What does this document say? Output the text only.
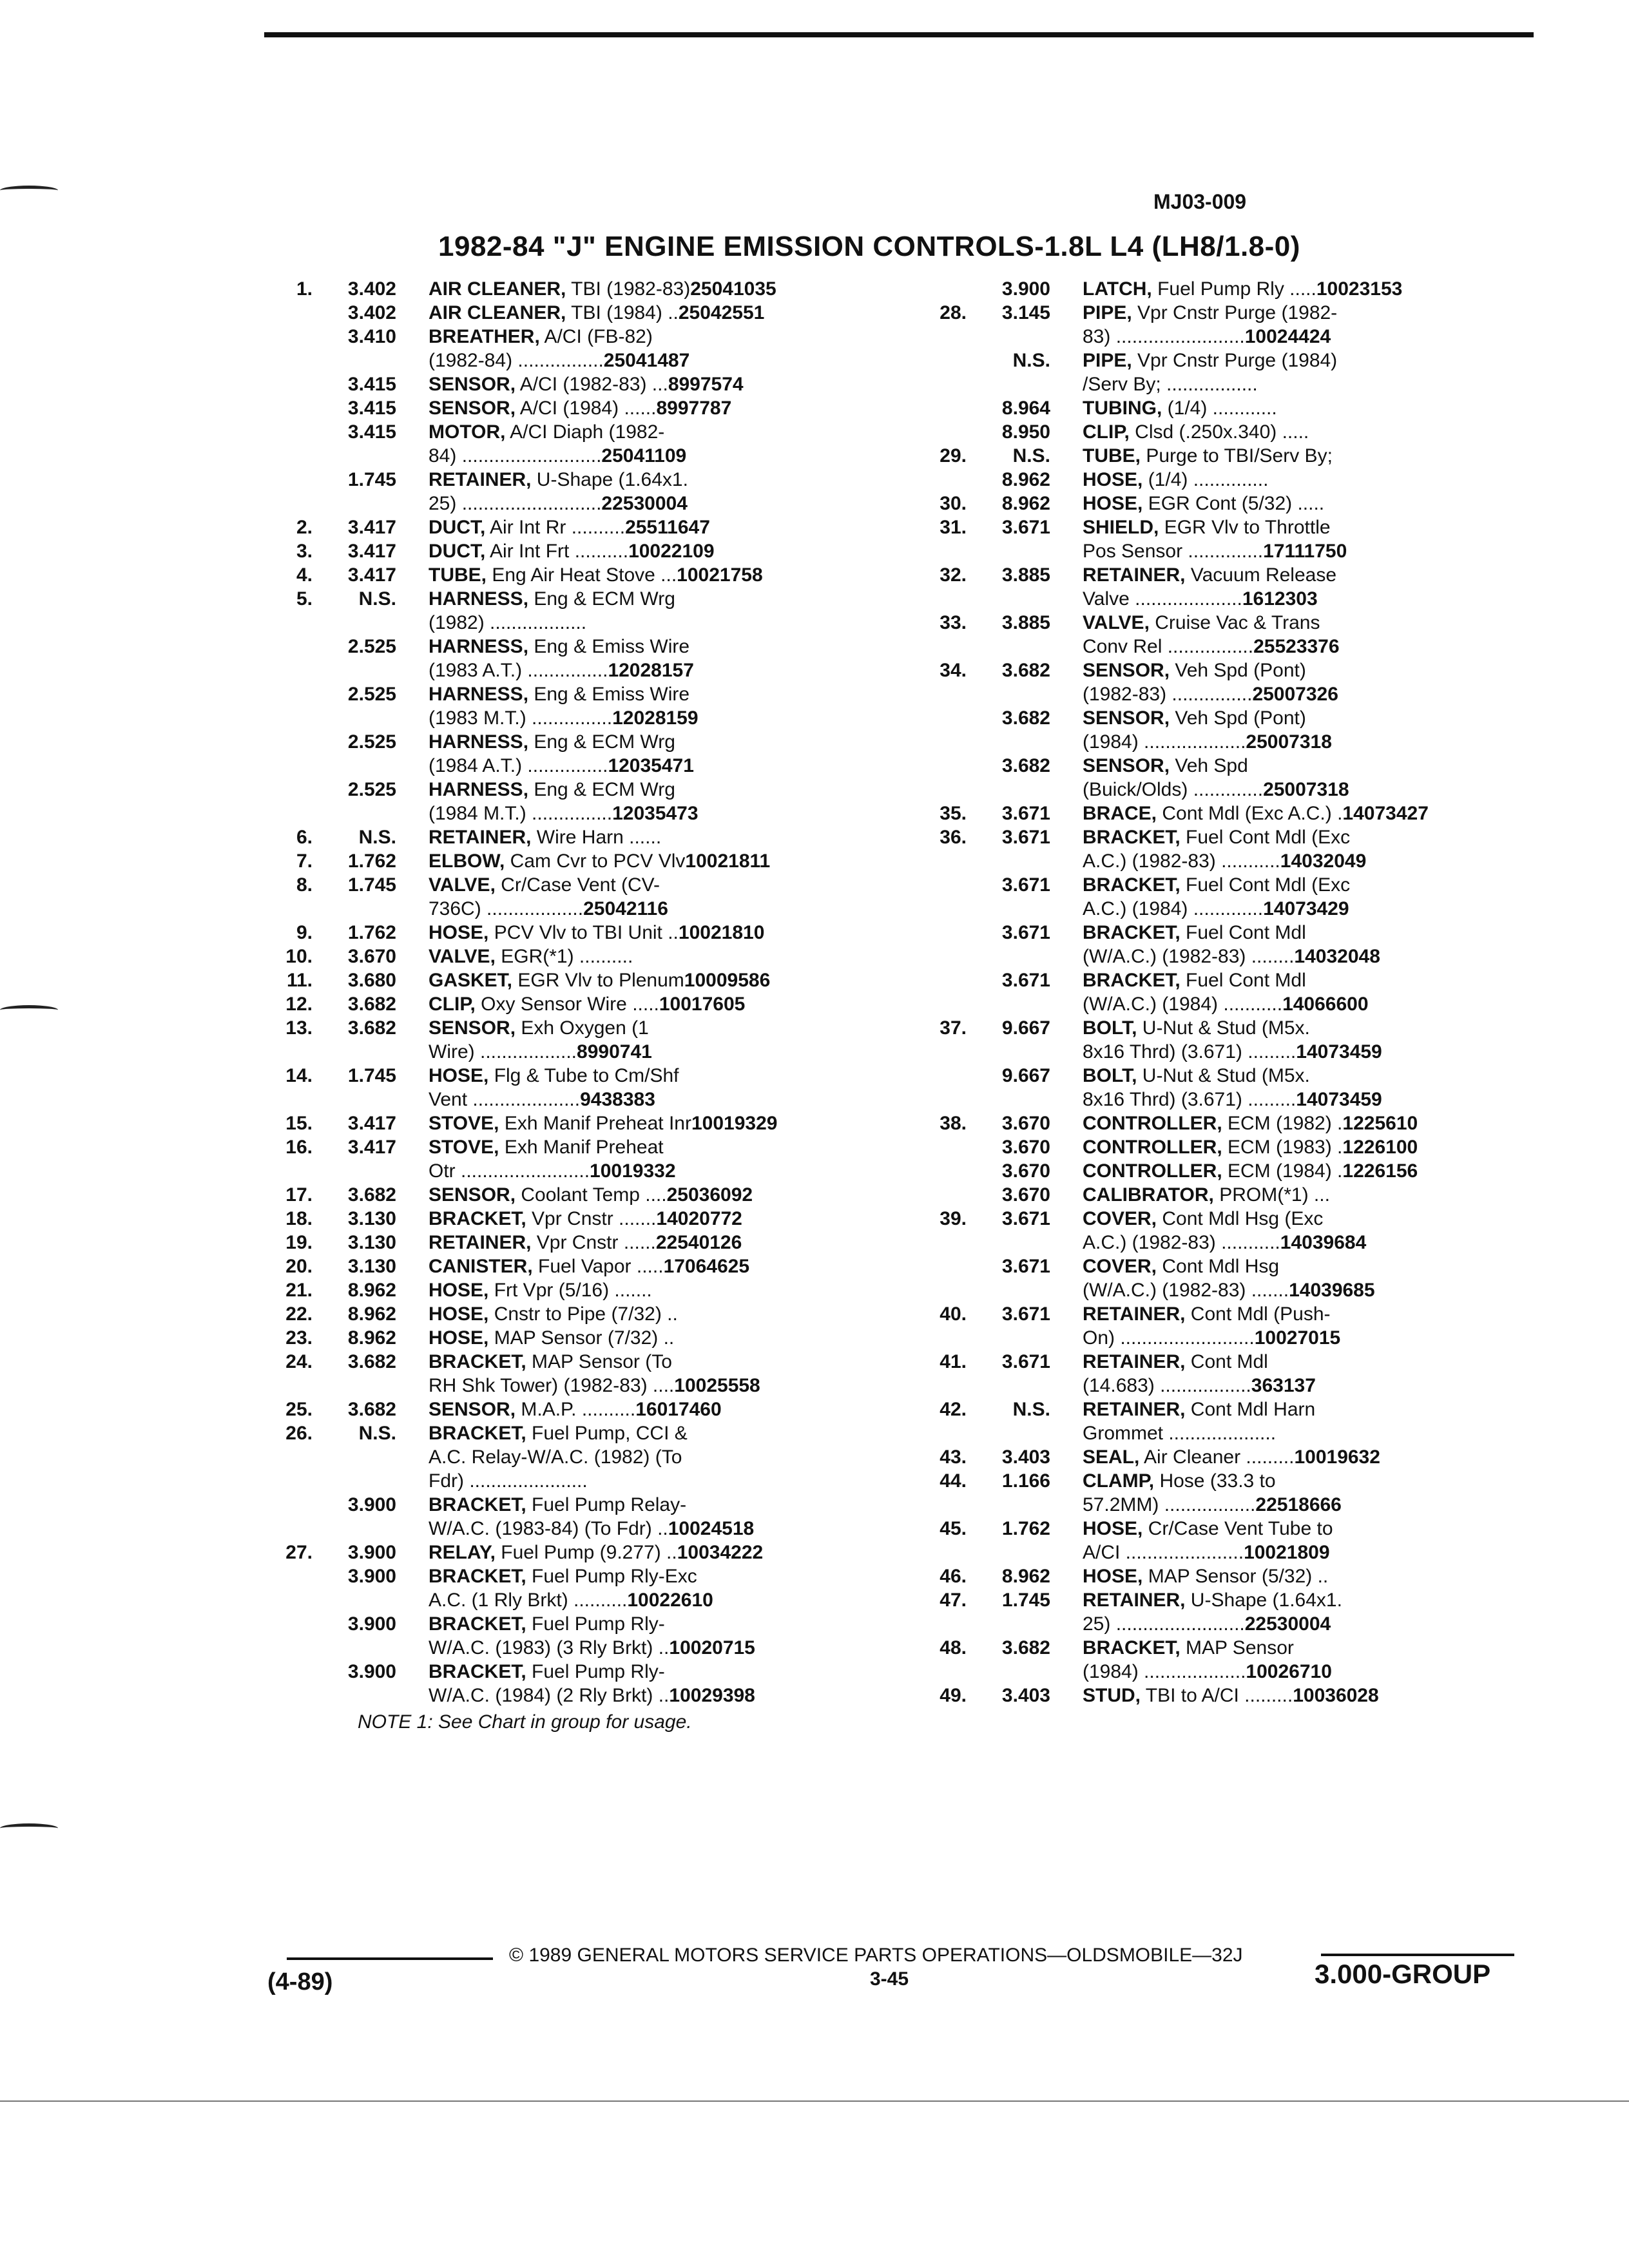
MJ03-009
1982-84 "J" ENGINE EMISSION CONTROLS-1.8L L4 (LH8/1.8-0)
1.	3.402 AIR CLEANER, TBI (1982-83)25041035
3.402 AIR CLEANER, TBI (1984) ..25042551
3.410 BREATHER, A/CI (FB-82)
(1982-84) ................25041487
3.415 SENSOR, A/CI (1982-83) ...8997574
3.415 SENSOR, A/CI (1984) ......8997787
3.415 MOTOR, A/CI Diaph (1982-
84) ..........................25041109
1.745 RETAINER, U-Shape (1.64x1.
25) ..........................22530004
2.	3.417 DUCT, Air Int Rr ..........25511647
3.	3.417 DUCT, Air Int Frt ..........10022109
4.	3.417 TUBE, Eng Air Heat Stove ...10021758
5.	N.S. HARNESS, Eng & ECM Wrg
(1982) ..................
2.525 HARNESS, Eng & Emiss Wire
(1983 A.T.) ...............12028157
2.525 HARNESS, Eng & Emiss Wire
(1983 M.T.) ...............12028159
2.525 HARNESS, Eng & ECM Wrg
(1984 A.T.) ...............12035471
2.525 HARNESS, Eng & ECM Wrg
(1984 M.T.) ...............12035473
6.	N.S. RETAINER, Wire Harn ......
7.	1.762 ELBOW, Cam Cvr to PCV Vlv10021811
8.	1.745 VALVE, Cr/Case Vent (CV-
736C) ..................25042116
9.	1.762 HOSE, PCV Vlv to TBI Unit ..10021810
10.	3.670 VALVE, EGR(*1) ..........
11.	3.680 GASKET, EGR Vlv to Plenum10009586
12.	3.682 CLIP, Oxy Sensor Wire .....10017605
13.	3.682 SENSOR, Exh Oxygen (1
Wire) ..................8990741
14.	1.745 HOSE, Flg & Tube to Cm/Shf
Vent ....................9438383
15.	3.417 STOVE, Exh Manif Preheat Inr10019329
16.	3.417 STOVE, Exh Manif Preheat
Otr ........................10019332
17.	3.682 SENSOR, Coolant Temp ....25036092
18.	3.130 BRACKET, Vpr Cnstr .......14020772
19.	3.130 RETAINER, Vpr Cnstr ......22540126
20.	3.130 CANISTER, Fuel Vapor .....17064625
21.	8.962 HOSE, Frt Vpr (5/16) .......
22.	8.962 HOSE, Cnstr to Pipe (7/32) ..
23.	8.962 HOSE, MAP Sensor (7/32) ..
24.	3.682 BRACKET, MAP Sensor (To
RH Shk Tower) (1982-83) ....10025558
25.	3.682 SENSOR, M.A.P. ..........16017460
26.	N.S. BRACKET, Fuel Pump, CCI &
A.C. Relay-W/A.C. (1982) (To
Fdr) ......................
3.900 BRACKET, Fuel Pump Relay-
W/A.C. (1983-84) (To Fdr) ..10024518
27.	3.900 RELAY, Fuel Pump (9.277) ..10034222
3.900 BRACKET, Fuel Pump Rly-Exc
A.C. (1 Rly Brkt) ..........10022610
3.900 BRACKET, Fuel Pump Rly-
W/A.C. (1983) (3 Rly Brkt) ..10020715
3.900 BRACKET, Fuel Pump Rly-
W/A.C. (1984) (2 Rly Brkt) ..10029398
NOTE 1: See Chart in group for usage.
3.900 LATCH, Fuel Pump Rly .....10023153
28.	3.145 PIPE, Vpr Cnstr Purge (1982-
83) ........................10024424
N.S. PIPE, Vpr Cnstr Purge (1984)
/Serv By; .................
8.964 TUBING, (1/4) ............
8.950 CLIP, Clsd (.250x.340) .....
29.	N.S. TUBE, Purge to TBI/Serv By;
8.962 HOSE, (1/4) ..............
30.	8.962 HOSE, EGR Cont (5/32) .....
31.	3.671 SHIELD, EGR Vlv to Throttle
Pos Sensor ..............17111750
32.	3.885 RETAINER, Vacuum Release
Valve ....................1612303
33.	3.885 VALVE, Cruise Vac & Trans
Conv Rel ................25523376
34.	3.682 SENSOR, Veh Spd (Pont)
(1982-83) ...............25007326
3.682 SENSOR, Veh Spd (Pont)
(1984) ...................25007318
3.682 SENSOR, Veh Spd
(Buick/Olds) .............25007318
35.	3.671 BRACE, Cont Mdl (Exc A.C.) .14073427
36.	3.671 BRACKET, Fuel Cont Mdl (Exc
A.C.) (1982-83) ...........14032049
3.671 BRACKET, Fuel Cont Mdl (Exc
A.C.) (1984) .............14073429
3.671 BRACKET, Fuel Cont Mdl
(W/A.C.) (1982-83) ........14032048
3.671 BRACKET, Fuel Cont Mdl
(W/A.C.) (1984) ...........14066600
37.	9.667 BOLT, U-Nut & Stud (M5x.
8x16 Thrd) (3.671) .........14073459
9.667 BOLT, U-Nut & Stud (M5x.
8x16 Thrd) (3.671) .........14073459
38.	3.670 CONTROLLER, ECM (1982) .1225610
3.670 CONTROLLER, ECM (1983) .1226100
3.670 CONTROLLER, ECM (1984) .1226156
3.670 CALIBRATOR, PROM(*1) ...
39.	3.671 COVER, Cont Mdl Hsg (Exc
A.C.) (1982-83) ...........14039684
3.671 COVER, Cont Mdl Hsg
(W/A.C.) (1982-83) .......14039685
40.	3.671 RETAINER, Cont Mdl (Push-
On) .........................10027015
41.	3.671 RETAINER, Cont Mdl
(14.683) .................363137
42.	N.S. RETAINER, Cont Mdl Harn
Grommet ....................
43.	3.403 SEAL, Air Cleaner .........10019632
44.	1.166 CLAMP, Hose (33.3 to
57.2MM) .................22518666
45.	1.762 HOSE, Cr/Case Vent Tube to
A/CI ......................10021809
46.	8.962 HOSE, MAP Sensor (5/32) ..
47.	1.745 RETAINER, U-Shape (1.64x1.
25) ........................22530004
48.	3.682 BRACKET, MAP Sensor
(1984) ...................10026710
49.	3.403 STUD, TBI to A/CI .........10036028
© 1989 GENERAL MOTORS SERVICE PARTS OPERATIONS—OLDSMOBILE—32J
(4-89)	3-45	3.000-GROUP
